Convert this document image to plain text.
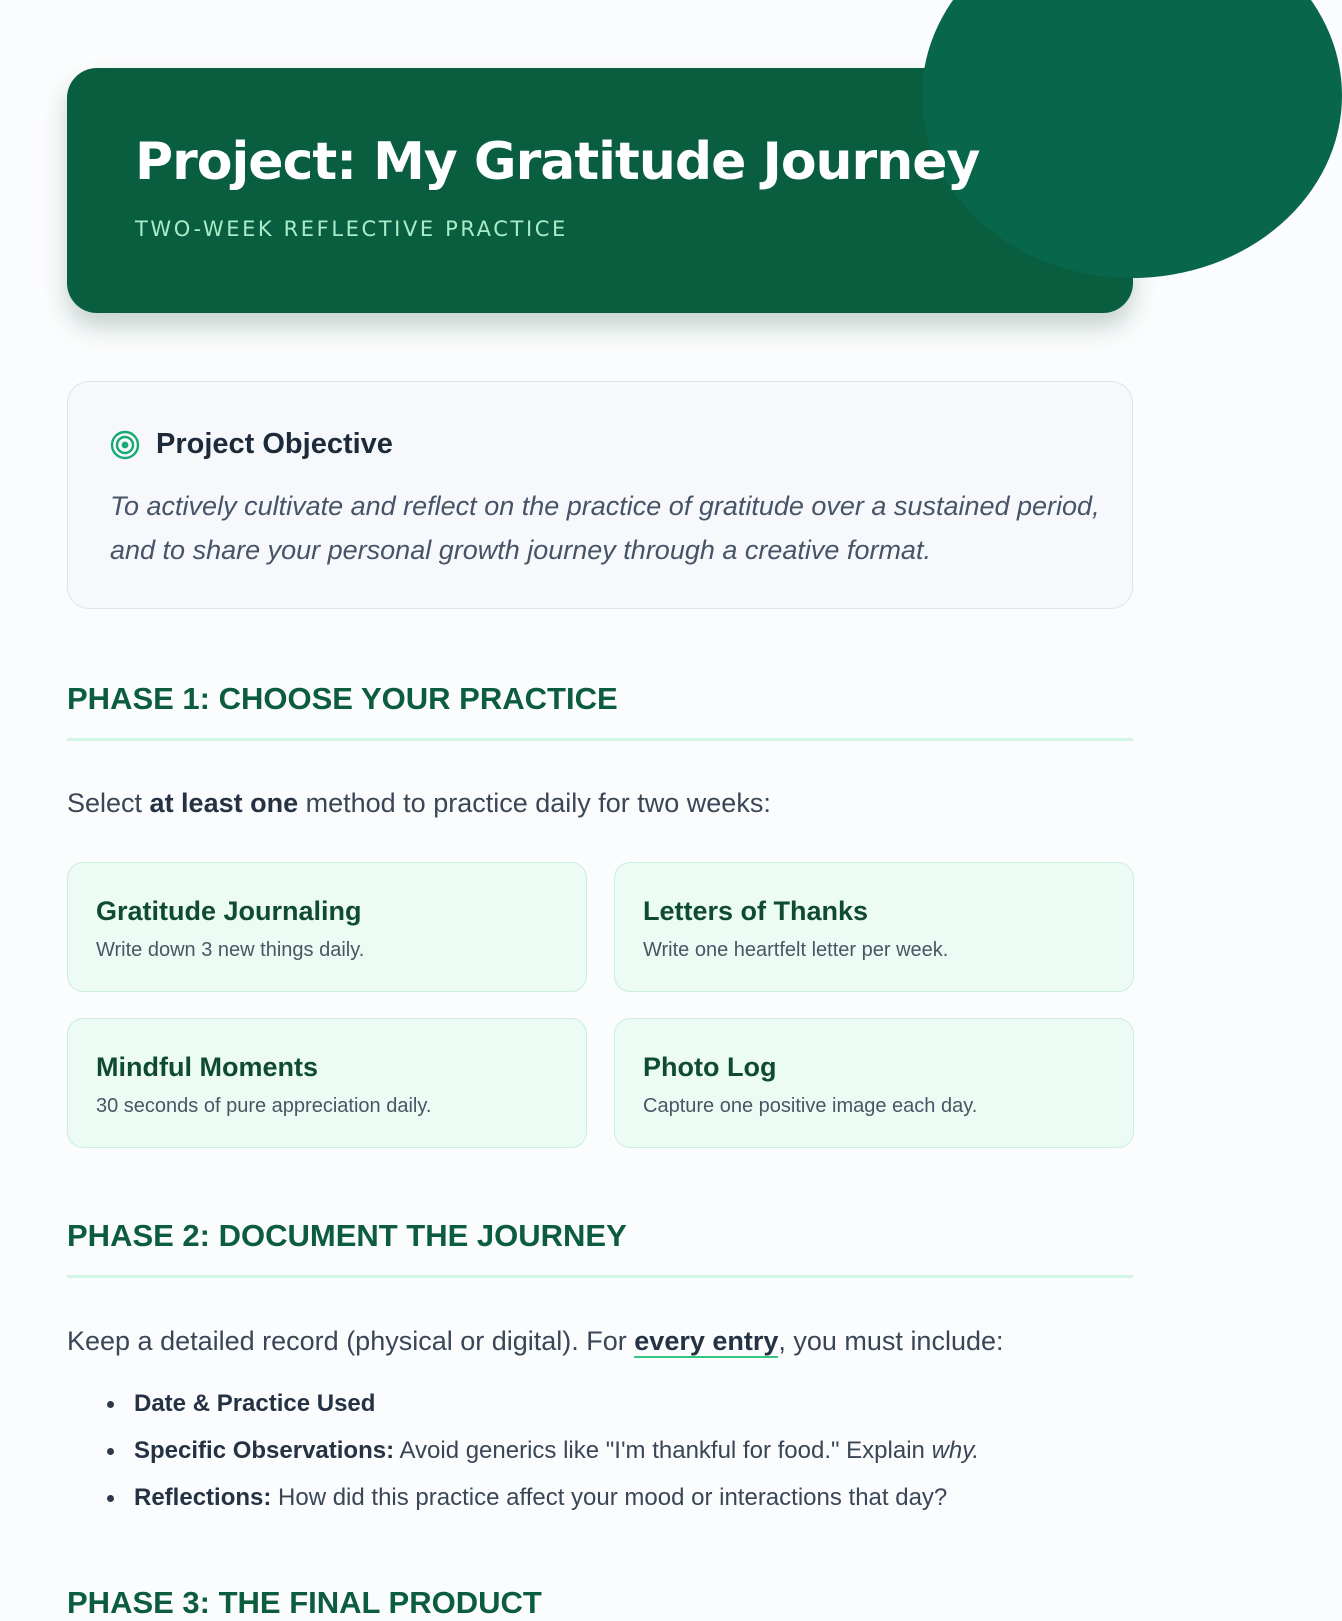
Project: My Gratitude Journey
TWO-WEEK REFLECTIVE PRACTICE
Project Objective
To actively cultivate and reflect on the practice of gratitude over a sustained period, and to share your personal growth journey through a creative format.
PHASE 1: CHOOSE YOUR PRACTICE

Select at least one method to practice daily for two weeks:

Gratitude Journaling
Write down 3 new things daily.
Letters of Thanks
Write one heartfelt letter per week.
Mindful Moments
30 seconds of pure appreciation daily.
Photo Log
Capture one positive image each day.
PHASE 2: DOCUMENT THE JOURNEY

Keep a detailed record (physical or digital). For every entry, you must include:

Date & Practice Used
Specific Observations: Avoid generics like "I'm thankful for food." Explain why.
Reflections: How did this practice affect your mood or interactions that day?
PHASE 3: THE FINAL PRODUCT
